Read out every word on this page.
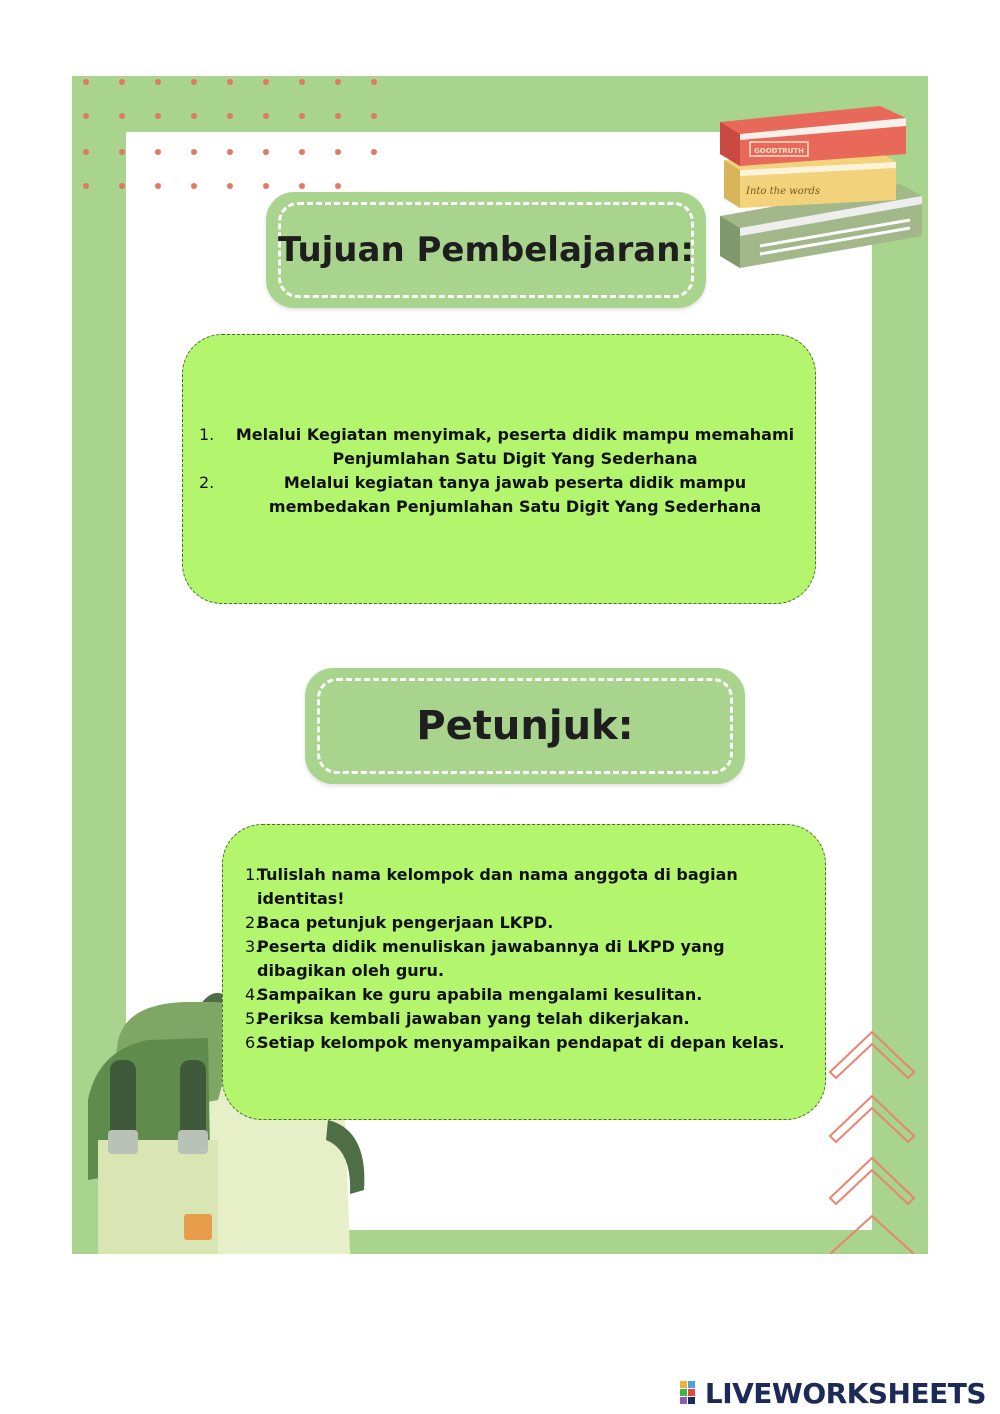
Into the words
GOODTRUTH
Tujuan Pembelajaran:
1.	Melalui Kegiatan menyimak, peserta didik mampu memahami Penjumlahan Satu Digit Yang Sederhana
2.	Melalui kegiatan tanya jawab peserta didik mampu membedakan Penjumlahan Satu Digit Yang Sederhana
Petunjuk:
1.
Tulislah nama kelompok dan nama anggota di bagian identitas!
2.
Baca petunjuk pengerjaan LKPD.
3.
Peserta didik menuliskan jawabannya di LKPD yang dibagikan oleh guru.
4.
Sampaikan ke guru apabila mengalami kesulitan.
5.
Periksa kembali jawaban yang telah dikerjakan.
6.
Setiap kelompok menyampaikan pendapat di depan kelas.
LIVEWORKSHEETS
